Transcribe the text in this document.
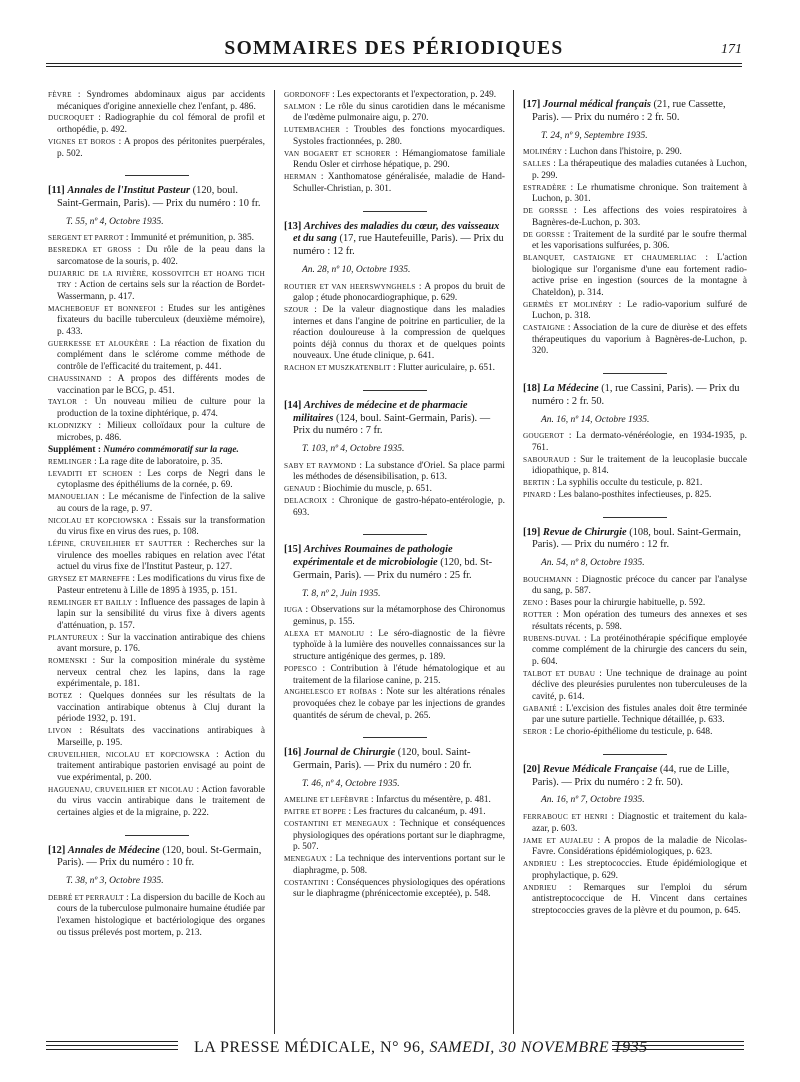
SOMMAIRES DES PÉRIODIQUES	171
FÈVRE : Syndromes abdominaux aigus par accidents mécaniques d'origine annexielle chez l'enfant, p. 486.
DUCROQUET : Radiographie du col fémoral de profil et orthopédie, p. 492.
VIGNES ET BOROS : A propos des péritonites puerpérales, p. 502.
[11] Annales de l'Institut Pasteur (120, boul. Saint-Germain, Paris). — Prix du numéro : 10 fr.
T. 55, nº 4, Octobre 1935.
SERGENT ET PARROT : Immunité et prémunition, p. 385.
BESREDKA ET GROSS : Du rôle de la peau dans la sarcomatose de la souris, p. 402.
DUJARRIC DE LA RIVIÈRE, KOSSOVITCH ET HOANG TICH TRY : Action de certains sels sur la réaction de Bordet-Wassermann, p. 417.
MACHEBOEUF ET BONNEFOI : Etudes sur les antigènes fixateurs du bacille tuberculeux (deuxième mémoire), p. 433.
GUERKESSE ET ALOUKÈRE : La réaction de fixation du complément dans le sclérome comme méthode de contrôle de l'efficacité du traitement, p. 441.
CHAUSSINAND : A propos des différents modes de vaccination par le BCG, p. 451.
TAYLOR : Un nouveau milieu de culture pour la production de la toxine diphtérique, p. 474.
KLODNIZKY : Milieux colloïdaux pour la culture de microbes, p. 486.
Supplément : Numéro commémoratif sur la rage.
REMLINGER : La rage dite de laboratoire, p. 35.
LEVADITI ET SCHOEN : Les corps de Negri dans le cytoplasme des épithéliums de la cornée, p. 69.
MANOUELIAN : Le mécanisme de l'infection de la salive au cours de la rage, p. 97.
NICOLAU ET KOPCIOWSKA : Essais sur la transformation du virus fixe en virus des rues, p. 108.
LÉPINE, CRUVEILHIER ET SAUTTER : Recherches sur la virulence des moelles rabiques en relation avec l'état actuel du virus fixe de l'Institut Pasteur, p. 127.
GRYSEZ ET MARNEFFE : Les modifications du virus fixe de Pasteur entretenu à Lille de 1895 à 1935, p. 151.
REMLINGER ET BAILLY : Influence des passages de lapin à lapin sur la sensibilité du virus fixe à divers agents d'atténuation, p. 157.
PLANTUREUX : Sur la vaccination antirabique des chiens avant morsure, p. 176.
ROMENSKI : Sur la composition minérale du système nerveux central chez les lapins, dans la rage expérimentale, p. 181.
BOTEZ : Quelques données sur les résultats de la vaccination antirabique obtenus à Cluj durant la période 1932, p. 191.
LIVON : Résultats des vaccinations antirabiques à Marseille, p. 195.
CRUVEILHIER, NICOLAU ET KOPCIOWSKA : Action du traitement antirabique pastorien envisagé au point de vue expérimental, p. 200.
HAGUENAU, CRUVEILHIER ET NICOLAU : Action favorable du virus vaccin antirabique dans le traitement de certaines algies et de la migraine, p. 222.
[12] Annales de Médecine (120, boul. St-Germain, Paris). — Prix du numéro : 10 fr.
T. 38, nº 3, Octobre 1935.
DEBRÉ ET PERRAULT : La dispersion du bacille de Koch au cours de la tuberculose pulmonaire humaine étudiée par l'examen histologique et bactériologique des organes ou tissus prélevés post mortem, p. 213.
GORDONOFF : Les expectorants et l'expectoration, p. 249.
SALMON : Le rôle du sinus carotidien dans le mécanisme de l'œdème pulmonaire aigu, p. 270.
LUTEMBACHER : Troubles des fonctions myocardiques. Systoles fractionnées, p. 280.
VAN BOGAERT ET SCHORER : Hémangiomatose familiale Rendu Osler et cirrhose hépatique, p. 290.
HERMAN : Xanthomatose généralisée, maladie de Hand-Schuller-Christian, p. 301.
[13] Archives des maladies du cœur, des vaisseaux et du sang (17, rue Hautefeuille, Paris). — Prix du numéro : 12 fr.
An. 28, nº 10, Octobre 1935.
ROUTIER ET VAN HEERSWYNGHELS : A propos du bruit de galop ; étude phonocardiographique, p. 629.
SZOUR : De la valeur diagnostique dans les maladies internes et dans l'angine de poitrine en particulier, de la réaction douloureuse à la compression de quelques points déjà connus du thorax et de quelques points nouveaux. Une étude clinique, p. 641.
RACHON ET MUSZKATENBLIT : Flutter auriculaire, p. 651.
[14] Archives de médecine et de pharmacie militaires (124, boul. Saint-Germain, Paris). — Prix du numéro : 7 fr.
T. 103, nº 4, Octobre 1935.
SABY ET RAYMOND : La substance d'Oriel. Sa place parmi les méthodes de désensibilisation, p. 613.
GENAUD : Biochimie du muscle, p. 651.
DELACROIX : Chronique de gastro-hépato-entérologie, p. 693.
[15] Archives Roumaines de pathologie expérimentale et de microbiologie (120, bd. St-Germain, Paris). — Prix du numéro : 25 fr.
T. 8, nº 2, Juin 1935.
IUGA : Observations sur la métamorphose des Chironomus geminus, p. 155.
ALEXA ET MANOLIU : Le séro-diagnostic de la fièvre typhoïde à la lumière des nouvelles connaissances sur la structure antigénique des germes, p. 189.
POPESCO : Contribution à l'étude hématologique et au traitement de la filariose canine, p. 215.
ANGHELESCO ET ROÏBAS : Note sur les altérations rénales provoquées chez le cobaye par les injections de grandes quantités de sérum de cheval, p. 265.
[16] Journal de Chirurgie (120, boul. Saint-Germain, Paris). — Prix du numéro : 20 fr.
T. 46, nº 4, Octobre 1935.
AMELINE ET LEFÈBVRE : Infarctus du mésentère, p. 481.
PAITRE ET BOPPE : Les fractures du calcanéum, p. 491.
COSTANTINI ET MENEGAUX : Technique et conséquences physiologiques des opérations portant sur le diaphragme, p. 507.
MENEGAUX : La technique des interventions portant sur le diaphragme, p. 508.
COSTANTINI : Conséquences physiologiques des opérations sur le diaphragme (phrénicectomie exceptée), p. 548.
[17] Journal médical français (21, rue Cassette, Paris). — Prix du numéro : 2 fr. 50.
T. 24, nº 9, Septembre 1935.
MOLINÉRY : Luchon dans l'histoire, p. 290.
SALLES : La thérapeutique des maladies cutanées à Luchon, p. 299.
ESTRADÈRE : Le rhumatisme chronique. Son traitement à Luchon, p. 301.
DE GORSSE : Les affections des voies respiratoires à Bagnères-de-Luchon, p. 303.
DE GORSSE : Traitement de la surdité par le soufre thermal et les vaporisations sulfurées, p. 306.
BLANQUET, CASTAIGNE ET CHAUMERLIAC : L'action biologique sur l'organisme d'une eau fortement radio-active prise en ingestion (sources de la montagne à Chateldon), p. 314.
GERMÈS ET MOLINÉRY : Le radio-vaporium sulfuré de Luchon, p. 318.
CASTAIGNE : Association de la cure de diurèse et des effets thérapeutiques du vaporium à Bagnères-de-Luchon, p. 320.
[18] La Médecine (1, rue Cassini, Paris). — Prix du numéro : 2 fr. 50.
An. 16, nº 14, Octobre 1935.
GOUGEROT : La dermato-vénéréologie, en 1934-1935, p. 761.
SABOURAUD : Sur le traitement de la leucoplasie buccale idiopathique, p. 814.
BERTIN : La syphilis occulte du testicule, p. 821.
PINARD : Les balano-posthites infectieuses, p. 825.
[19] Revue de Chirurgie (108, boul. Saint-Germain, Paris). — Prix du numéro : 12 fr.
An. 54, nº 8, Octobre 1935.
BOUCHMANN : Diagnostic précoce du cancer par l'analyse du sang, p. 587.
ZENO : Bases pour la chirurgie habituelle, p. 592.
ROTTER : Mon opération des tumeurs des annexes et ses résultats récents, p. 598.
RUBENS-DUVAL : La protéinothérapie spécifique employée comme complément de la chirurgie des cancers du sein, p. 604.
TALBOT ET DUBAU : Une technique de drainage au point déclive des pleurésies purulentes non tuberculeuses de la cavité, p. 614.
GABANIÉ : L'excision des fistules anales doit être terminée par une suture partielle. Technique détaillée, p. 633.
SEROR : Le chorio-épithéliome du testicule, p. 648.
[20] Revue Médicale Française (44, rue de Lille, Paris). — Prix du numéro : 2 fr. 50).
An. 16, nº 7, Octobre 1935.
FERRABOUC ET HENRI : Diagnostic et traitement du kala-azar, p. 603.
JAME ET AUJALEU : A propos de la maladie de Nicolas-Favre. Considérations épidémiologiques, p. 623.
ANDRIEU : Les streptococcies. Etude épidémiologique et prophylactique, p. 629.
ANDRIEU : Remarques sur l'emploi du sérum antistreptococcique de H. Vincent dans certaines streptococcies graves de la plèvre et du poumon, p. 645.
LA PRESSE MÉDICALE, N° 96, SAMEDI, 30 NOVEMBRE 1935
